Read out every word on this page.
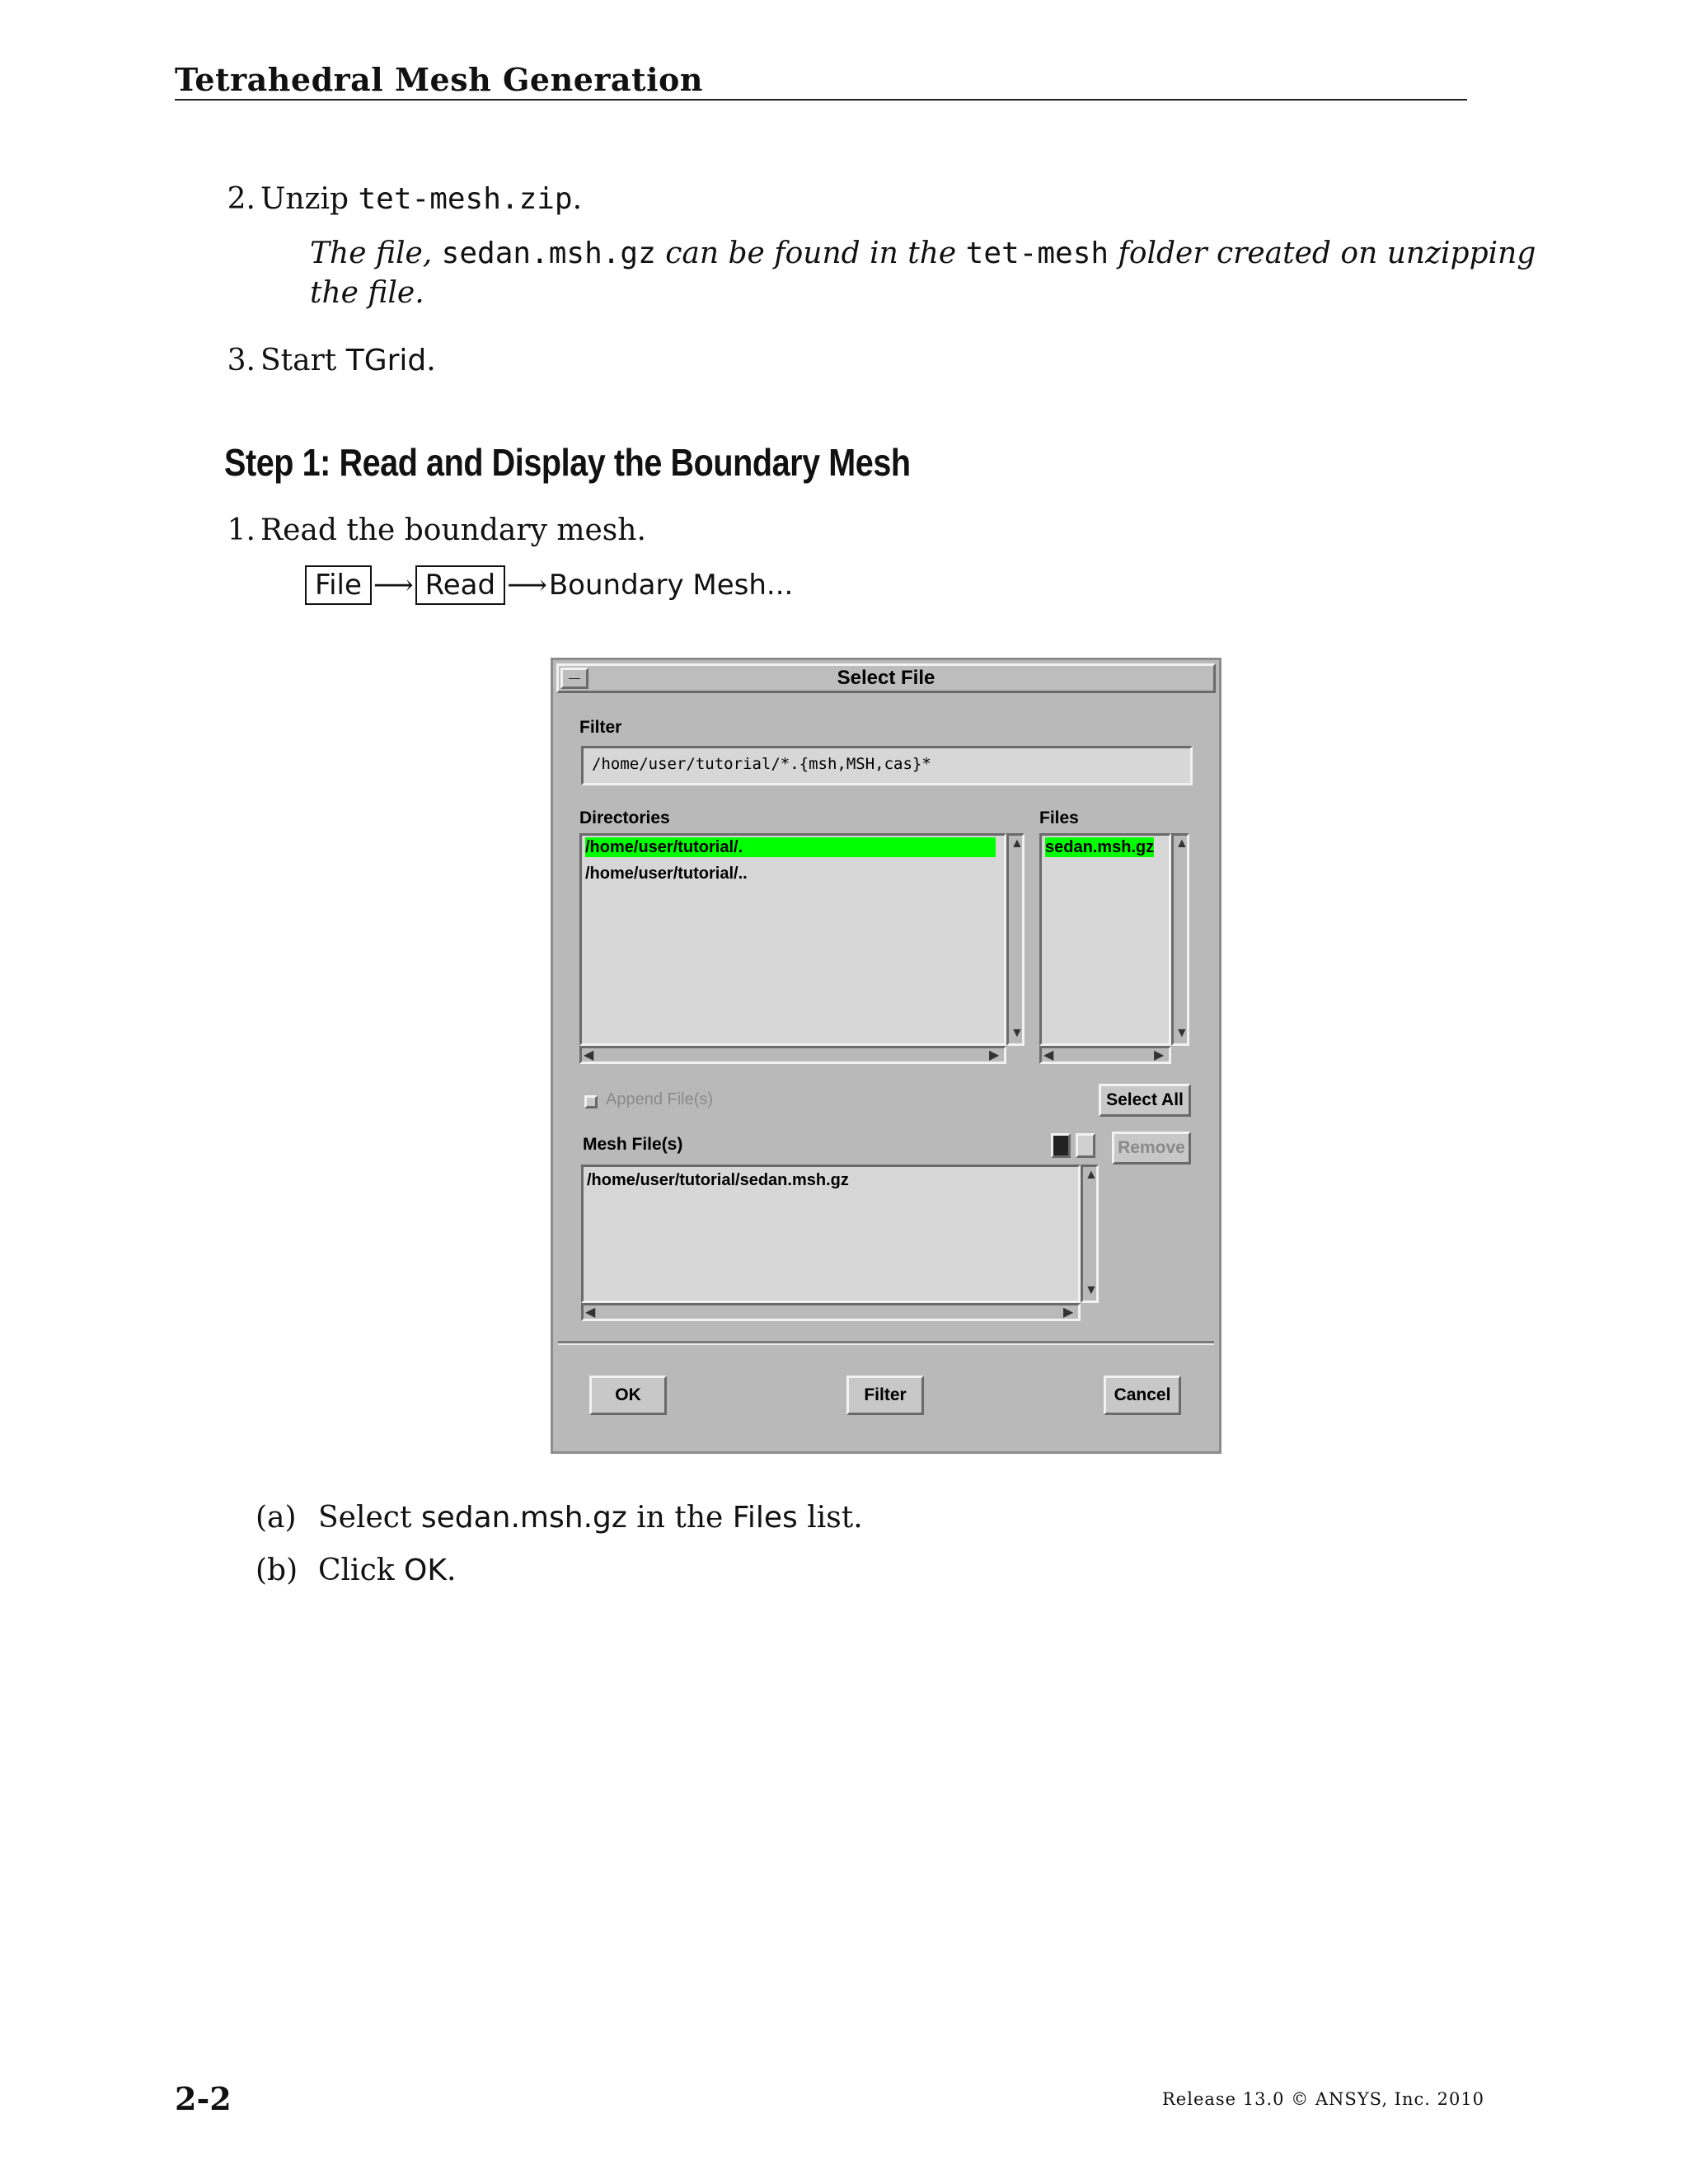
Tetrahedral Mesh Generation
2. Unzip tet-mesh.zip.
The file, sedan.msh.gz can be found in the tet-mesh folder created on unzipping
the file.
3. Start TGrid.
Step 1: Read and Display the Boundary Mesh
1. Read the boundary mesh.
File ⟶ Read ⟶Boundary Mesh...
—	Select File
Filter
/home/user/tutorial/*.{msh,MSH,cas}*
Directories
/home/user/tutorial/.
/home/user/tutorial/..
▲
▼
◀	▶
Files
sedan.msh.gz ▲
▼
◀	▶
Append File(s)	Select All
Mesh File(s)	Remove
/home/user/tutorial/sedan.msh.gz	▲
▼
◀	▶
OK	Filter	Cancel
(a) Select sedan.msh.gz in the Files list.
(b) Click OK.
2-2	Release 13.0 © ANSYS, Inc. 2010
